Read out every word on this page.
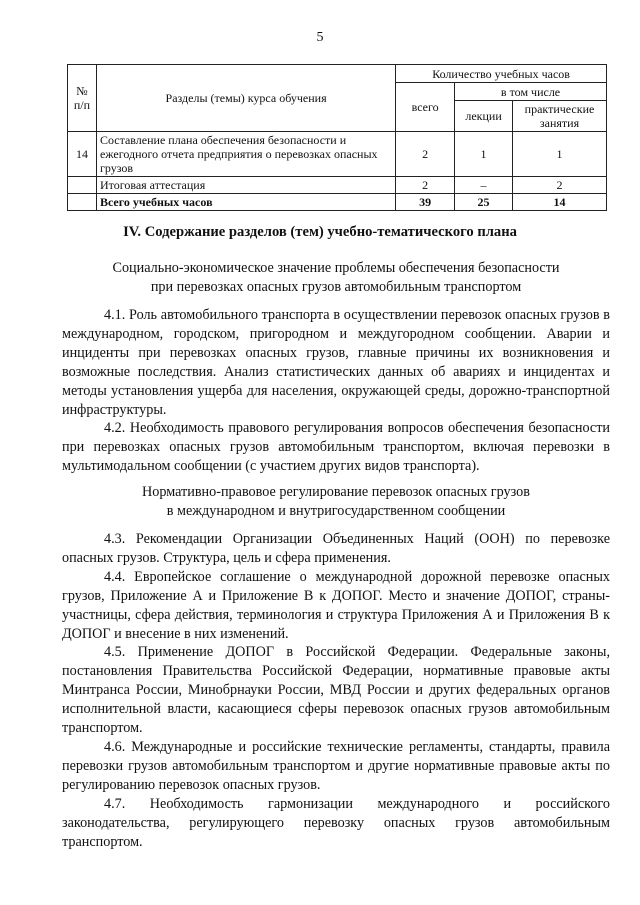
5
№ п/п	Разделы (темы) курса обучения	Количество учебных часов		
		всего	в том числе	
			лекции	практические занятия
14	Составление плана обеспечения безопасности и ежегодного отчета предприятия о перевозках опасных грузов	2	1	1
	Итоговая аттестация	2	–	2
	Всего учебных часов	39	25	14
IV. Содержание разделов (тем) учебно-тематического плана
Социально-экономическое значение проблемы обеспечения безопасности
при перевозках опасных грузов автомобильным транспортом

4.1. Роль автомобильного транспорта в осуществлении перевозок опасных грузов в международном, городском, пригородном и междугородном сообщении. Аварии и инциденты при перевозках опасных грузов, главные причины их возникновения и возможные последствия. Анализ статистических данных об авариях и инцидентах и методы установления ущерба для населения, окружающей среды, дорожно-транспортной инфраструктуры.

4.2. Необходимость правового регулирования вопросов обеспечения безопасности при перевозках опасных грузов автомобильным транспортом, включая перевозки в мультимодальном сообщении (с участием других видов транспорта).

Нормативно-правовое регулирование перевозок опасных грузов
в международном и внутригосударственном сообщении

4.3. Рекомендации Организации Объединенных Наций (ООН) по перевозке опасных грузов. Структура, цель и сфера применения.

4.4. Европейское соглашение о международной дорожной перевозке опасных грузов, Приложение А и Приложение В к ДОПОГ. Место и значение ДОПОГ, страны-участницы, сфера действия, терминология и структура Приложения А и Приложения В к ДОПОГ и внесение в них изменений.

4.5. Применение ДОПОГ в Российской Федерации. Федеральные законы, постановления Правительства Российской Федерации, нормативные правовые акты Минтранса России, Минобрнауки России, МВД России и других федеральных органов исполнительной власти, касающиеся сферы перевозок опасных грузов автомобильным транспортом.

4.6. Международные и российские технические регламенты, стандарты, правила перевозки грузов автомобильным транспортом и другие нормативные правовые акты по регулированию перевозок опасных грузов.

4.7. Необходимость гармонизации международного и российского законодательства, регулирующего перевозку опасных грузов автомобильным транспортом.
